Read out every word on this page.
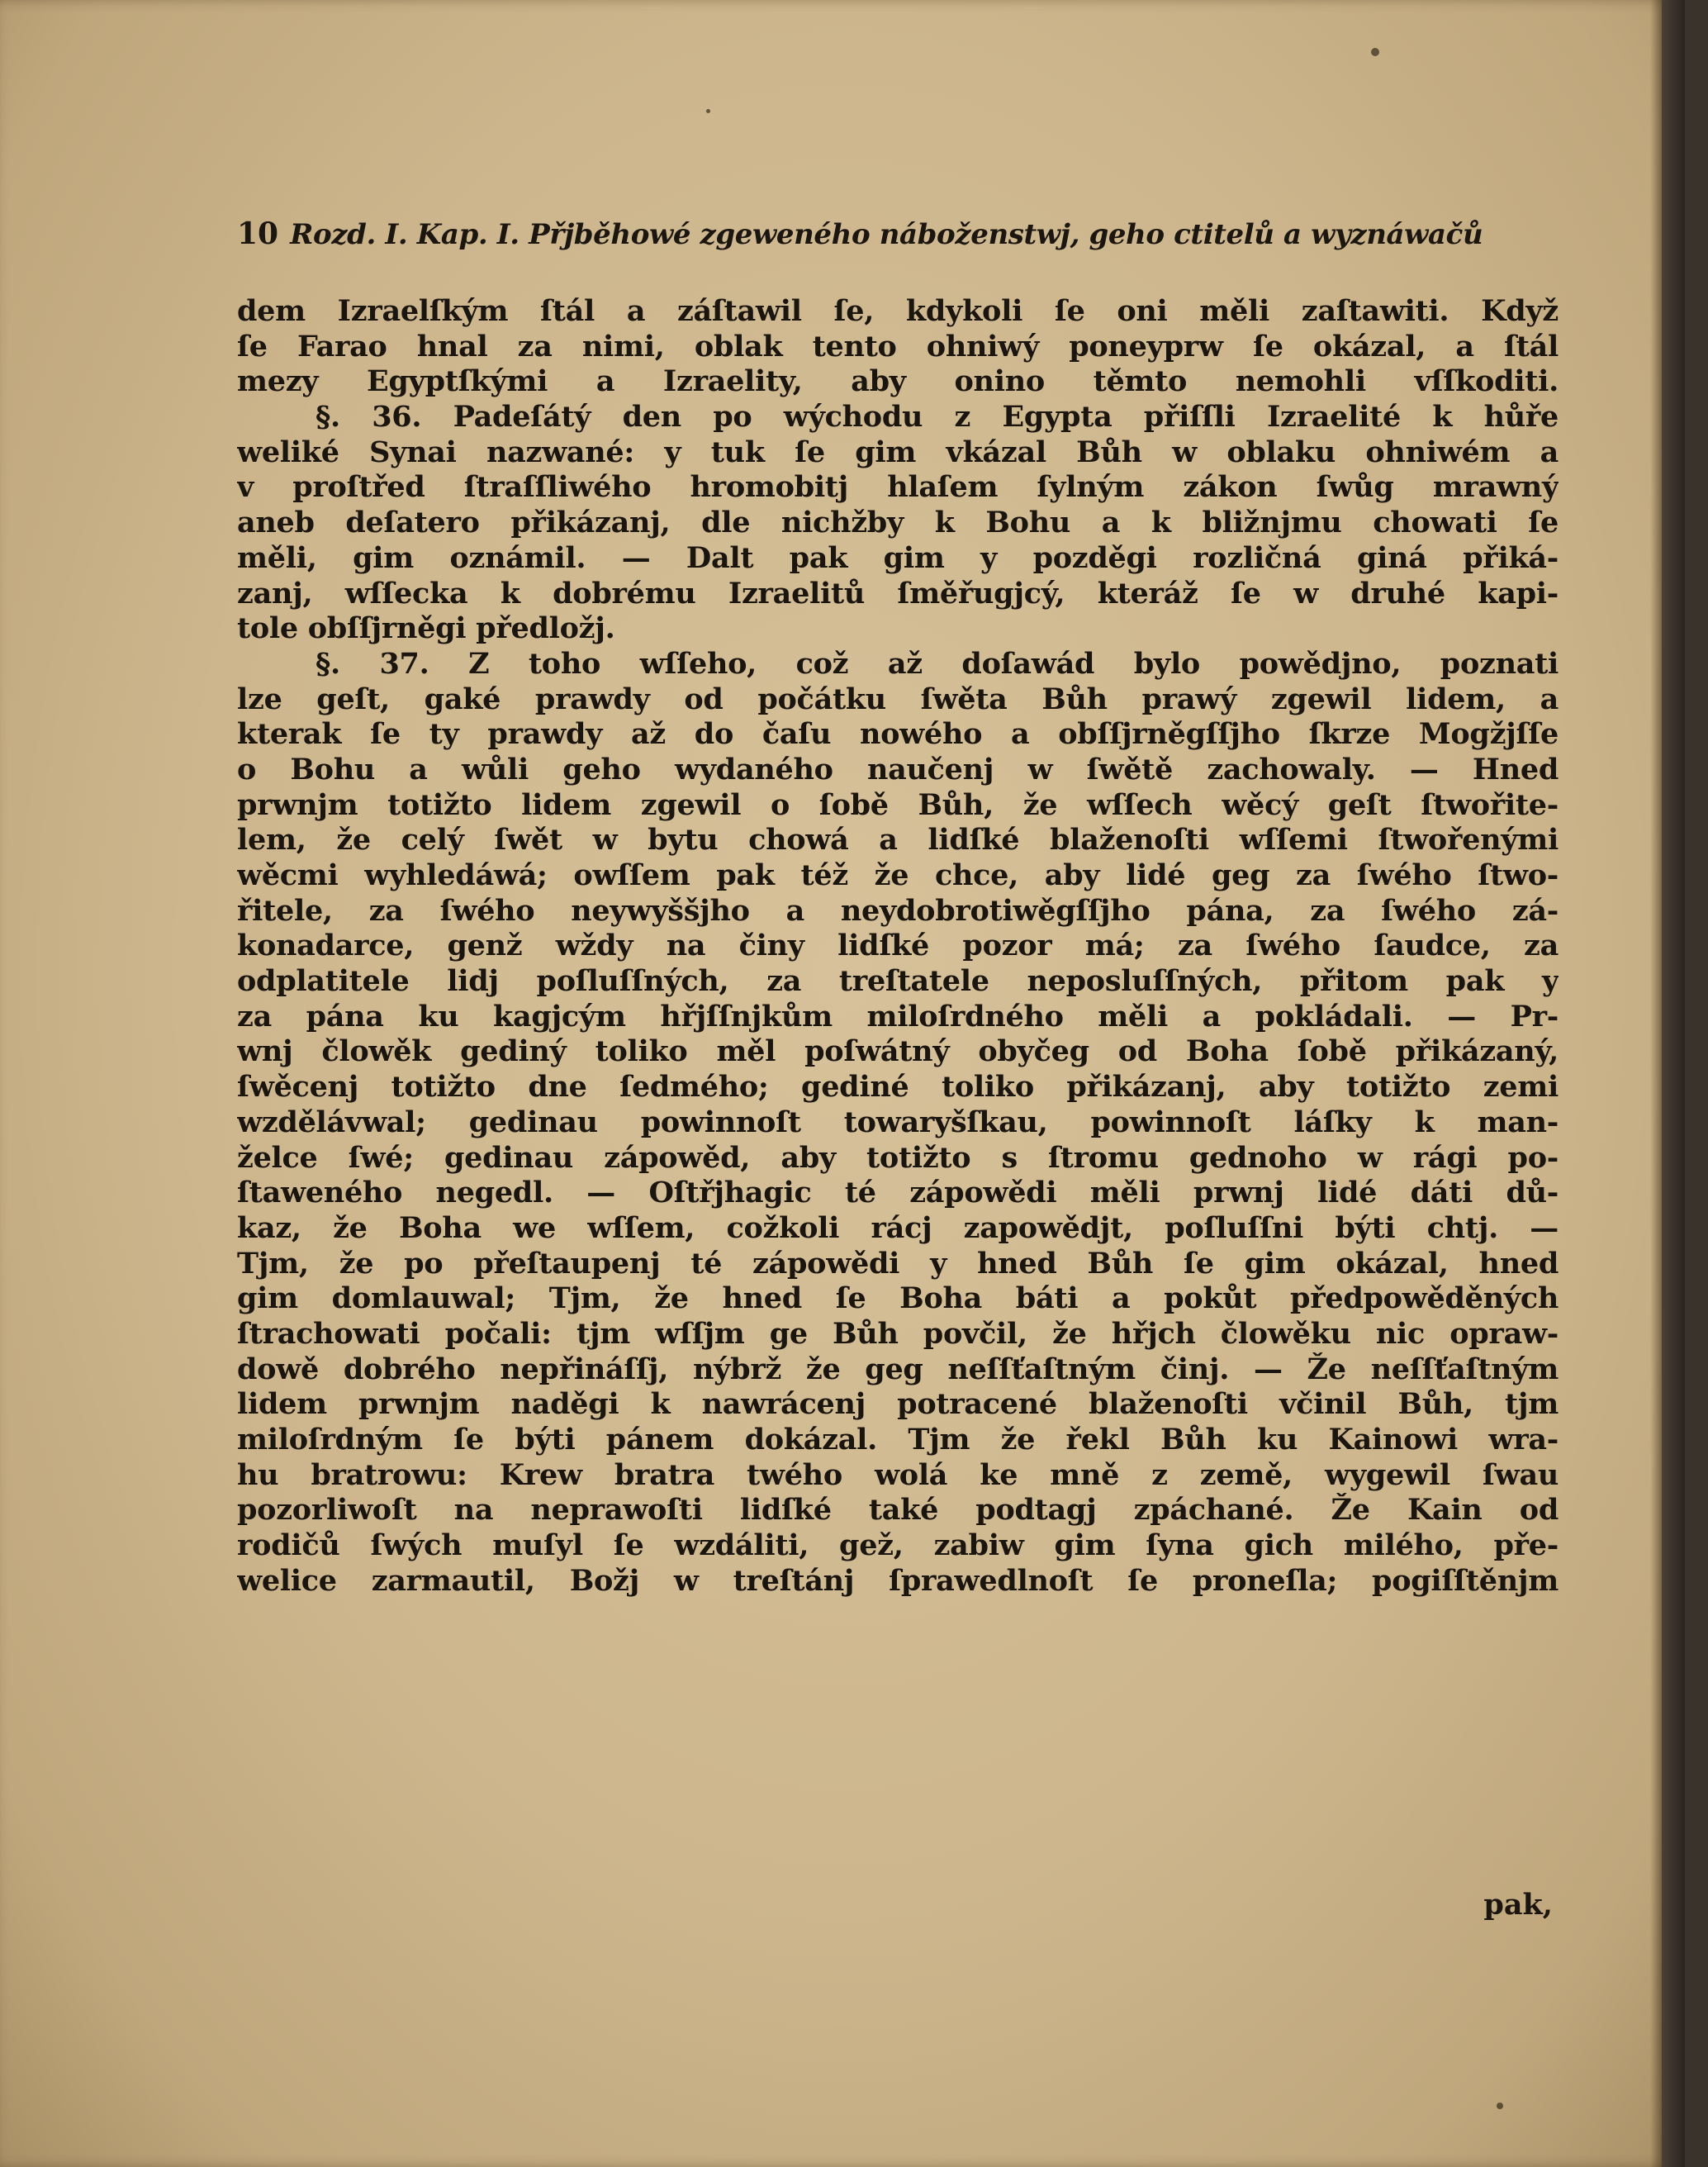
10 Rozd. I. Kap. I. Přjběhowé zgeweného náboženstwj, geho ctitelů a wyznáwačů
dem Izraelſkým ſtál a záſtawil ſe, kdykoli ſe oni měli zaſtawiti. Když
ſe Farao hnal za nimi, oblak tento ohniwý poneyprw ſe okázal, a ſtál
mezy Egyptſkými a Izraelity, aby onino těmto nemohli vſſkoditi.
§. 36. Padeſátý den po wýchodu z Egypta přiſſli Izraelité k hůře
weliké Synai nazwané: y tuk ſe gim vkázal Bůh w oblaku ohniwém a
v proſtřed ſtraſſliwého hromobitj hlaſem ſylným zákon ſwůg mrawný
aneb deſatero přikázanj, dle nichžby k Bohu a k bližnjmu chowati ſe
měli, gim oznámil. — Dalt pak gim y pozděgi rozličná giná přiká-
zanj, wſſecka k dobrému Izraelitů ſměřugjcý, kteráž ſe w druhé kapi-
tole obſſjrněgi předložj.
§. 37. Z toho wſſeho, což až doſawád bylo powědjno, poznati
lze geſt, gaké prawdy od počátku ſwěta Bůh prawý zgewil lidem, a
kterak ſe ty prawdy až do čaſu nowého a obſſjrněgſſjho ſkrze Mogžjſſe
o Bohu a wůli geho wydaného naučenj w ſwětě zachowaly. — Hned
prwnjm totižto lidem zgewil o ſobě Bůh, že wſſech wěcý geſt ſtwořite-
lem, že celý ſwět w bytu chowá a lidſké blaženoſti wſſemi ſtwořenými
wěcmi wyhledáwá; owſſem pak též že chce, aby lidé geg za ſwého ſtwo-
řitele, za ſwého neywyššjho a neydobrotiwěgſſjho pána, za ſwého zá-
konadarce, genž wždy na činy lidſké pozor má; za ſwého ſaudce, za
odplatitele lidj poſluſſných, za treſtatele neposluſſných, přitom pak y
za pána ku kagjcým hřjſſnjkům miloſrdného měli a pokládali. — Pr-
wnj člowěk gediný toliko měl poſwátný obyčeg od Boha ſobě přikázaný,
ſwěcenj totižto dne ſedmého; gediné toliko přikázanj, aby totižto zemi
wzdělávwal; gedinau powinnoſt towaryšſkau, powinnoſt láſky k man-
želce ſwé; gedinau zápowěd, aby totižto s ſtromu gednoho w rági po-
ſtaweného negedl. — Oſtřjhagic té zápowědi měli prwnj lidé dáti dů-
kaz, že Boha we wſſem, cožkoli rácj zapowědjt, poſluſſni býti chtj. —
Tjm, že po přeſtaupenj té zápowědi y hned Bůh ſe gim okázal, hned
gim domlauwal; Tjm, že hned ſe Boha báti a pokůt předpowěděných
ſtrachowati počali: tjm wſſjm ge Bůh povčil, že hřjch člowěku nic opraw-
dowě dobrého nepřináſſj, nýbrž že geg neſſťaſtným činj. — Že neſſťaſtným
lidem prwnjm naděgi k nawrácenj potracené blaženoſti včinil Bůh, tjm
miloſrdným ſe býti pánem dokázal. Tjm že řekl Bůh ku Kainowi wra-
hu bratrowu: Krew bratra twého wolá ke mně z země, wygewil ſwau
pozorliwoſt na neprawoſti lidſké také podtagj zpáchané. Že Kain od
rodičů ſwých muſyl ſe wzdáliti, gež, zabiw gim ſyna gich milého, pře-
welice zarmautil, Božj w treſtánj ſprawedlnoſt ſe proneſla; pogiſſtěnjm
pak,
